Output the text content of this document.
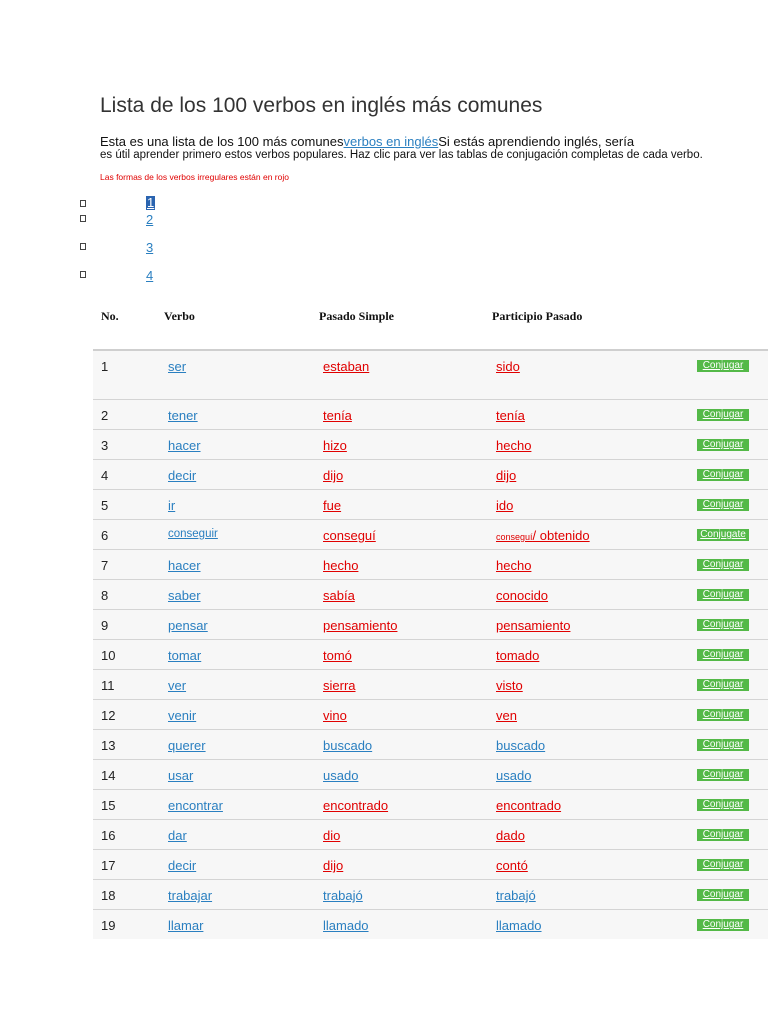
Lista de los 100 verbos en inglés más comunes
Esta es una lista de los 100 más comunesverbos en inglésSi estás aprendiendo inglés, sería
es útil aprender primero estos verbos populares. Haz clic para ver las tablas de conjugación completas de cada verbo.
Las formas de los verbos irregulares están en rojo
1
2
3
4
No.	Verbo	Pasado Simple	Participio Pasado
1	ser	estaban	sido	Conjugar
2	tener	tenía	tenía	Conjugar
3	hacer	hizo	hecho	Conjugar
4	decir	dijo	dijo	Conjugar
5	ir	fue	ido	Conjugar
6	conseguir	conseguí	conseguí/ obtenido	Conjugate
7	hacer	hecho	hecho	Conjugar
8	saber	sabía	conocido	Conjugar
9	pensar	pensamiento	pensamiento	Conjugar
10	tomar	tomó	tomado	Conjugar
11	ver	sierra	visto	Conjugar
12	venir	vino	ven	Conjugar
13	querer	buscado	buscado	Conjugar
14	usar	usado	usado	Conjugar
15	encontrar	encontrado	encontrado	Conjugar
16	dar	dio	dado	Conjugar
17	decir	dijo	contó	Conjugar
18	trabajar	trabajó	trabajó	Conjugar
19	llamar	llamado	llamado	Conjugar
